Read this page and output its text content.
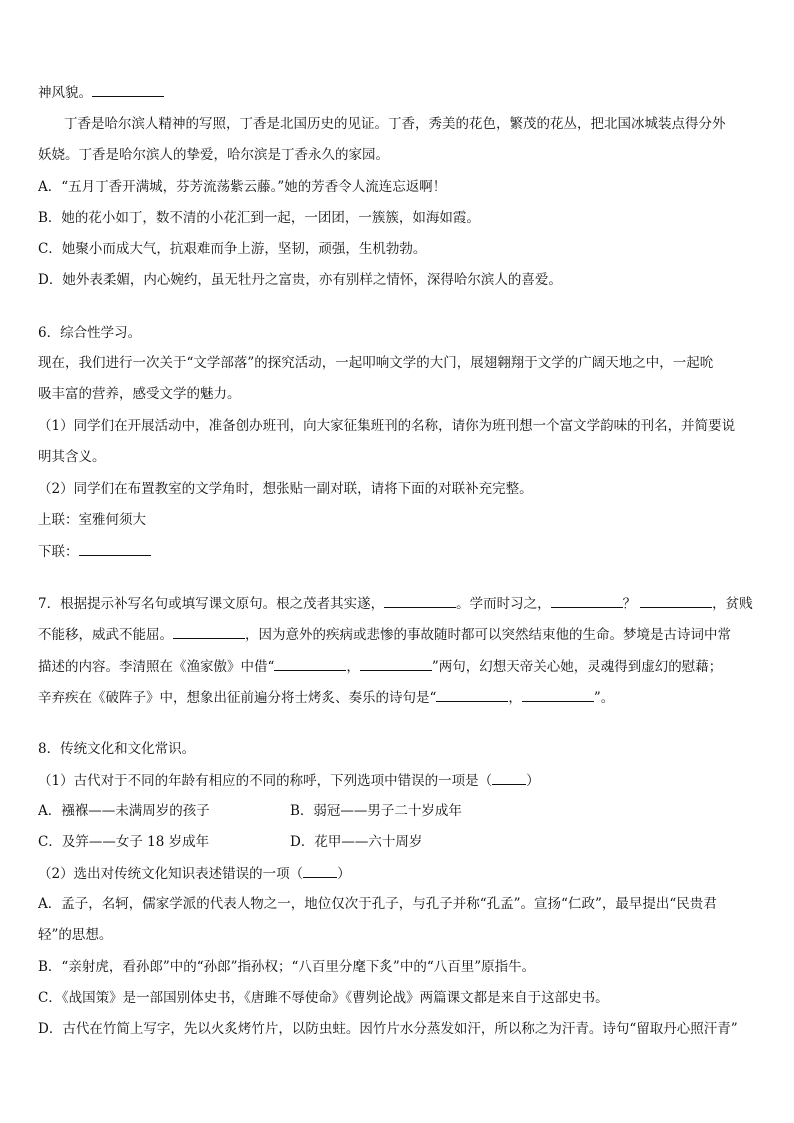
神风貌。
丁香是哈尔滨人精神的写照，丁香是北国历史的见证。丁香，秀美的花色，繁茂的花丛，把北国冰城装点得分外
妖娆。丁香是哈尔滨人的挚爱，哈尔滨是丁香永久的家园。
A．“五月丁香开满城，芬芳流荡紫云藤。”她的芳香令人流连忘返啊！
B．她的花小如丁，数不清的小花汇到一起，一团团，一簇簇，如海如霞。
C．她聚小而成大气，抗艰难而争上游，坚韧，顽强，生机勃勃。
D．她外表柔媚，内心婉约，虽无牡丹之富贵，亦有别样之情怀，深得哈尔滨人的喜爱。
6．综合性学习。
现在，我们进行一次关于“文学部落”的探究活动，一起叩响文学的大门，展翅翱翔于文学的广阔天地之中，一起吮
吸丰富的营养，感受文学的魅力。
（1）同学们在开展活动中，准备创办班刊，向大家征集班刊的名称，请你为班刊想一个富文学韵味的刊名，并简要说
明其含义。
（2）同学们在布置教室的文学角时，想张贴一副对联，请将下面的对联补充完整。
上联：室雅何须大
下联：
7．根据提示补写名句或填写课文原句。根之茂者其实遂，	。学而时习之，	？	，贫贱
不能移，威武不能屈。	，因为意外的疾病或悲惨的事故随时都可以突然结束他的生命。梦境是古诗词中常
描述的内容。李清照在《渔家傲》中借“	，	”两句，幻想天帝关心她，灵魂得到虚幻的慰藉；
辛弃疾在《破阵子》中，想象出征前遍分将士烤炙、奏乐的诗句是“	，	”。
8．传统文化和文化常识。
（1）古代对于不同的年龄有相应的不同的称呼，下列选项中错误的一项是（	）
A．襁褓——未满周岁的孩子	B．弱冠——男子二十岁成年
C．及笄——女子 18 岁成年	D．花甲——六十周岁
（2）选出对传统文化知识表述错误的一项（	）
A．孟子，名轲，儒家学派的代表人物之一，地位仅次于孔子，与孔子并称“孔孟”。宣扬“仁政”，最早提出“民贵君
轻”的思想。
B．“亲射虎，看孙郎”中的“孙郎”指孙权；“八百里分麾下炙”中的“八百里”原指牛。
C．《战国策》是一部国别体史书，《唐雎不辱使命》《曹刿论战》两篇课文都是来自于这部史书。
D．古代在竹简上写字，先以火炙烤竹片，以防虫蛀。因竹片水分蒸发如汗，所以称之为汗青。诗句“留取丹心照汗青”
